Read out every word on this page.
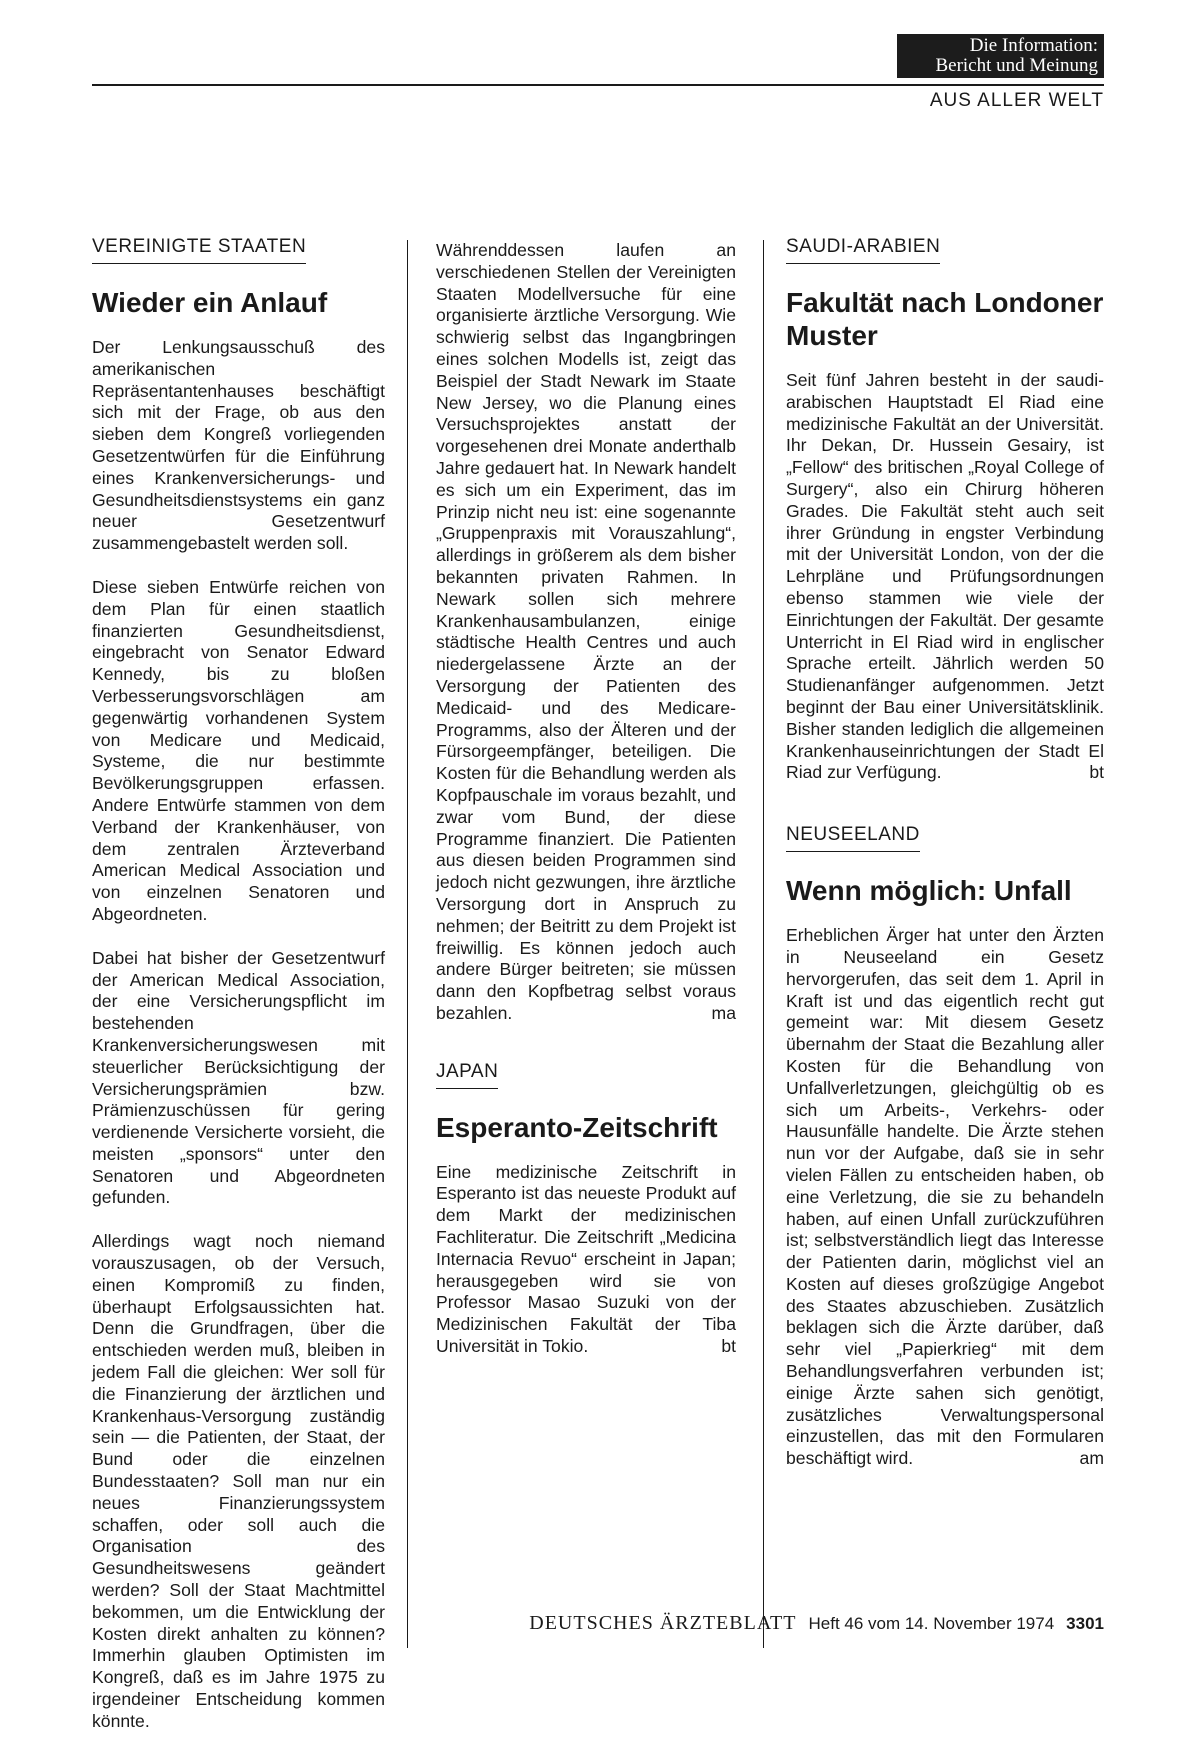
Die Information:
Bericht und Meinung
AUS ALLER WELT
VEREINIGTE STAATEN
Wieder ein Anlauf

Der Lenkungsausschuß des amerikanischen Repräsentantenhauses beschäftigt sich mit der Frage, ob aus den sieben dem Kongreß vorliegenden Gesetzentwürfen für die Einführung eines Krankenversicherungs- und Gesundheitsdienstsystems ein ganz neuer Gesetzentwurf zusammengebastelt werden soll.

Diese sieben Entwürfe reichen von dem Plan für einen staatlich finanzierten Gesundheitsdienst, eingebracht von Senator Edward Kennedy, bis zu bloßen Verbesserungsvorschlägen am gegenwärtig vorhandenen System von Medicare und Medicaid, Systeme, die nur bestimmte Bevölkerungsgruppen erfassen. Andere Entwürfe stammen von dem Verband der Krankenhäuser, von dem zentralen Ärzteverband American Medical Association und von einzelnen Senatoren und Abgeordneten.

Dabei hat bisher der Gesetzentwurf der American Medical Association, der eine Versicherungspflicht im bestehenden Krankenversicherungswesen mit steuerlicher Berücksichtigung der Versicherungsprämien bzw. Prämienzuschüssen für gering verdienende Versicherte vorsieht, die meisten „sponsors“ unter den Senatoren und Abgeordneten gefunden.

Allerdings wagt noch niemand vorauszusagen, ob der Versuch, einen Kompromiß zu finden, überhaupt Erfolgsaussichten hat. Denn die Grundfragen, über die entschieden werden muß, bleiben in jedem Fall die gleichen: Wer soll für die Finanzierung der ärztlichen und Krankenhaus-Versorgung zuständig sein — die Patienten, der Staat, der Bund oder die einzelnen Bundesstaaten? Soll man nur ein neues Finanzierungssystem schaffen, oder soll auch die Organisation des Gesundheitswesens geändert werden? Soll der Staat Machtmittel bekommen, um die Entwicklung der Kosten direkt anhalten zu können? Immerhin glauben Optimisten im Kongreß, daß es im Jahre 1975 zu irgendeiner Entscheidung kommen könnte.

Währenddessen laufen an verschiedenen Stellen der Vereinigten Staaten Modellversuche für eine organisierte ärztliche Versorgung. Wie schwierig selbst das Ingangbringen eines solchen Modells ist, zeigt das Beispiel der Stadt Newark im Staate New Jersey, wo die Planung eines Versuchsprojektes anstatt der vorgesehenen drei Monate anderthalb Jahre gedauert hat. In Newark handelt es sich um ein Experiment, das im Prinzip nicht neu ist: eine sogenannte „Gruppenpraxis mit Vorauszahlung“, allerdings in größerem als dem bisher bekannten privaten Rahmen. In Newark sollen sich mehrere Krankenhausambulanzen, einige städtische Health Centres und auch niedergelassene Ärzte an der Versorgung der Patienten des Medicaid- und des Medicare-Programms, also der Älteren und der Fürsorgeempfänger, beteiligen. Die Kosten für die Behandlung werden als Kopfpauschale im voraus bezahlt, und zwar vom Bund, der diese Programme finanziert. Die Patienten aus diesen beiden Programmen sind jedoch nicht gezwungen, ihre ärztliche Versorgung dort in Anspruch zu nehmen; der Beitritt zu dem Projekt ist freiwillig. Es können jedoch auch andere Bürger beitreten; sie müssen dann den Kopfbetrag selbst voraus bezahlen.	ma

JAPAN
Esperanto-Zeitschrift

Eine medizinische Zeitschrift in Esperanto ist das neueste Produkt auf dem Markt der medizinischen Fachliteratur. Die Zeitschrift „Medicina Internacia Revuo“ erscheint in Japan; herausgegeben wird sie von Professor Masao Suzuki von der Medizinischen Fakultät der Tiba Universität in Tokio.	bt

SAUDI-ARABIEN
Fakultät nach Londoner Muster

Seit fünf Jahren besteht in der saudi-arabischen Hauptstadt El Riad eine medizinische Fakultät an der Universität. Ihr Dekan, Dr. Hussein Gesairy, ist „Fellow“ des britischen „Royal College of Surgery“, also ein Chirurg höheren Grades. Die Fakultät steht auch seit ihrer Gründung in engster Verbindung mit der Universität London, von der die Lehrpläne und Prüfungsordnungen ebenso stammen wie viele der Einrichtungen der Fakultät. Der gesamte Unterricht in El Riad wird in englischer Sprache erteilt. Jährlich werden 50 Studienanfänger aufgenommen. Jetzt beginnt der Bau einer Universitätsklinik. Bisher standen lediglich die allgemeinen Krankenhauseinrichtungen der Stadt El Riad zur Verfügung.	bt

NEUSEELAND
Wenn möglich: Unfall

Erheblichen Ärger hat unter den Ärzten in Neuseeland ein Gesetz hervorgerufen, das seit dem 1. April in Kraft ist und das eigentlich recht gut gemeint war: Mit diesem Gesetz übernahm der Staat die Bezahlung aller Kosten für die Behandlung von Unfallverletzungen, gleichgültig ob es sich um Arbeits-, Verkehrs- oder Hausunfälle handelte. Die Ärzte stehen nun vor der Aufgabe, daß sie in sehr vielen Fällen zu entscheiden haben, ob eine Verletzung, die sie zu behandeln haben, auf einen Unfall zurückzuführen ist; selbstverständlich liegt das Interesse der Patienten darin, möglichst viel an Kosten auf dieses großzügige Angebot des Staates abzuschieben. Zusätzlich beklagen sich die Ärzte darüber, daß sehr viel „Papierkrieg“ mit dem Behandlungsverfahren verbunden ist; einige Ärzte sahen sich genötigt, zusätzliches Verwaltungspersonal einzustellen, das mit den Formularen beschäftigt wird.	am

DEUTSCHES ÄRZTEBLATT Heft 46 vom 14. November 1974 3301
